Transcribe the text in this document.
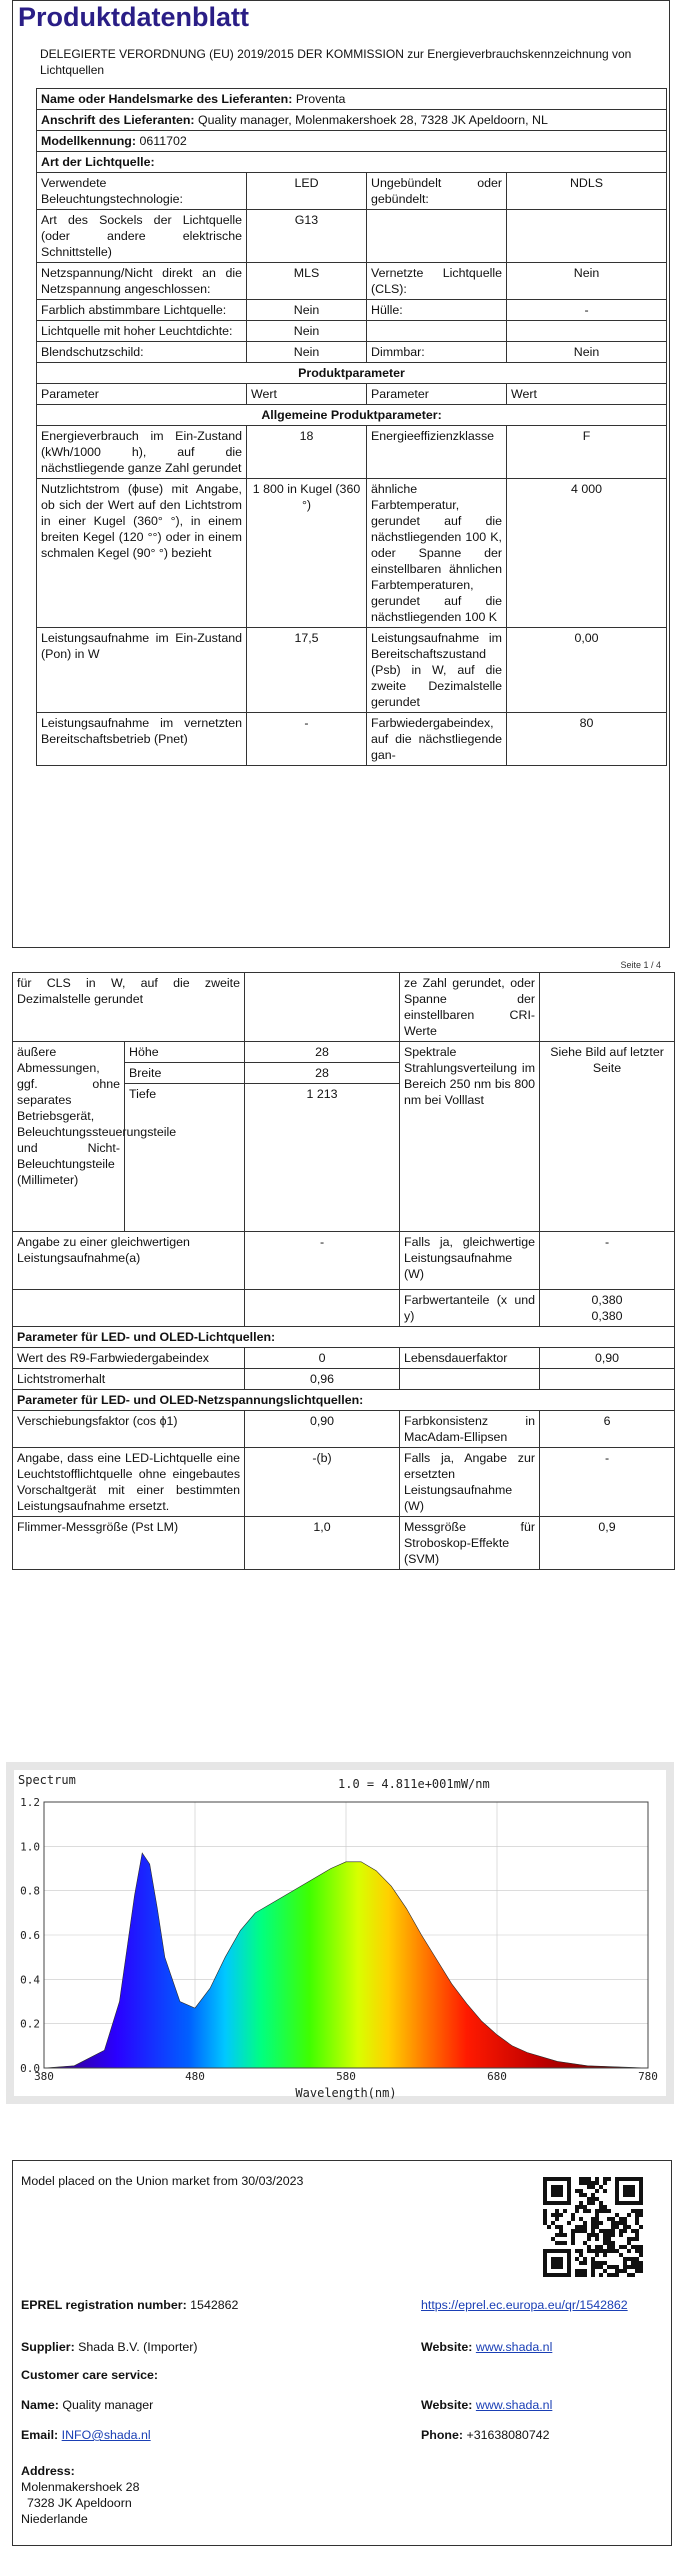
Produktdatenblatt
DELEGIERTE VERORDNUNG (EU) 2019/2015 DER KOMMISSION zur Energieverbrauchskennzeichnung von Lichtquellen
Name oder Handelsmarke des Lieferanten: Proventa			
Anschrift des Lieferanten: Quality manager, Molenmakershoek 28, 7328 JK Apeldoorn, NL			
Modellkennung: 0611702			
Art der Lichtquelle:			
Verwendete Beleuchtungstechnologie:	LED	Ungebündelt oder gebündelt:	NDLS
Art des Sockels der Lichtquelle (oder andere elektrische Schnittstelle)	G13		
Netzspannung/Nicht direkt an die Netzspannung angeschlossen:	MLS	Vernetzte Lichtquelle (CLS):	Nein
Farblich abstimmbare Lichtquelle:	Nein	Hülle:	-
Lichtquelle mit hoher Leuchtdichte:	Nein		
Blendschutzschild:	Nein	Dimmbar:	Nein
Produktparameter			
Parameter	Wert	Parameter	Wert
Allgemeine Produktparameter:			
Energieverbrauch im Ein-Zustand (kWh/1000 h), auf die nächstliegende ganze Zahl gerundet	18	Energieeffizienzklasse	F
Nutzlichtstrom (ϕuse) mit Angabe, ob sich der Wert auf den Lichtstrom in einer Kugel (360° °), in einem breiten Kegel (120 °°) oder in einem schmalen Kegel (90° °) bezieht	1 800 in Kugel (360 °)	ähnliche Farbtemperatur, gerundet auf die nächstliegenden 100 K, oder Spanne der einstellbaren ähnlichen Farbtemperaturen, gerundet auf die nächstliegenden 100 K	4 000
Leistungsaufnahme im Ein-Zustand (Pon) in W	17,5	Leistungsaufnahme im Bereitschaftszustand (Psb) in W, auf die zweite Dezimalstelle gerundet	0,00
Leistungsaufnahme im vernetzten Bereitschaftsbetrieb (Pnet)	-	Farbwiedergabeindex, auf die nächstliegende gan-	80
Seite 1 / 4
für CLS in W, auf die zweite Dezimalstelle gerundet			ze Zahl gerundet, oder Spanne der einstellbaren CRI-Werte	
äußere Abmessungen, ggf. ohne separates Betriebsgerät, Beleuchtungssteuerungsteile und Nicht-Beleuchtungsteile (Millimeter)	Höhe	28	Spektrale Strahlungsverteilung im Bereich 250 nm bis 800 nm bei Volllast	Siehe Bild auf letzter Seite
	Breite	28		
	Tiefe	1 213		
Angabe zu einer gleichwertigen Leistungsaufnahme(a)		-	Falls ja, gleichwertige Leistungsaufnahme (W)	-
			Farbwertanteile (x und y)	0,380
0,380

Parameter für LED- und OLED-Lichtquellen:				
Wert des R9-Farbwiedergabeindex		0	Lebensdauerfaktor	0,90
Lichtstromerhalt		0,96		
Parameter für LED- und OLED-Netzspannungslichtquellen:				
Verschiebungsfaktor (cos ϕ1)		0,90	Farbkonsistenz in MacAdam-Ellipsen	6
Angabe, dass eine LED-Lichtquelle eine Leuchtstofflichtquelle ohne eingebautes Vorschaltgerät mit einer bestimmten Leistungsaufnahme ersetzt.		-(b)	Falls ja, Angabe zur ersetzten Leistungsaufnahme (W)	-
Flimmer-Messgröße (Pst LM)		1,0	Messgröße für Stroboskop-Effekte (SVM)	0,9
0.0
0.2
0.4
0.6
0.8
1.0
1.2
380	480	580	680	780
Spectrum	1.0 = 4.811e+001mW/nm
Wavelength(nm)
Model placed on the Union market from 30/03/2023
EPREL registration number: 1542862	https://eprel.ec.europa.eu/qr/1542862
Supplier: Shada B.V. (Importer)	Website: www.shada.nl
Customer care service:
Name: Quality manager	Website: www.shada.nl
Email: INFO@shada.nl	Phone: +31638080742
Address:
Molenmakershoek 28
7328 JK Apeldoorn
Niederlande
